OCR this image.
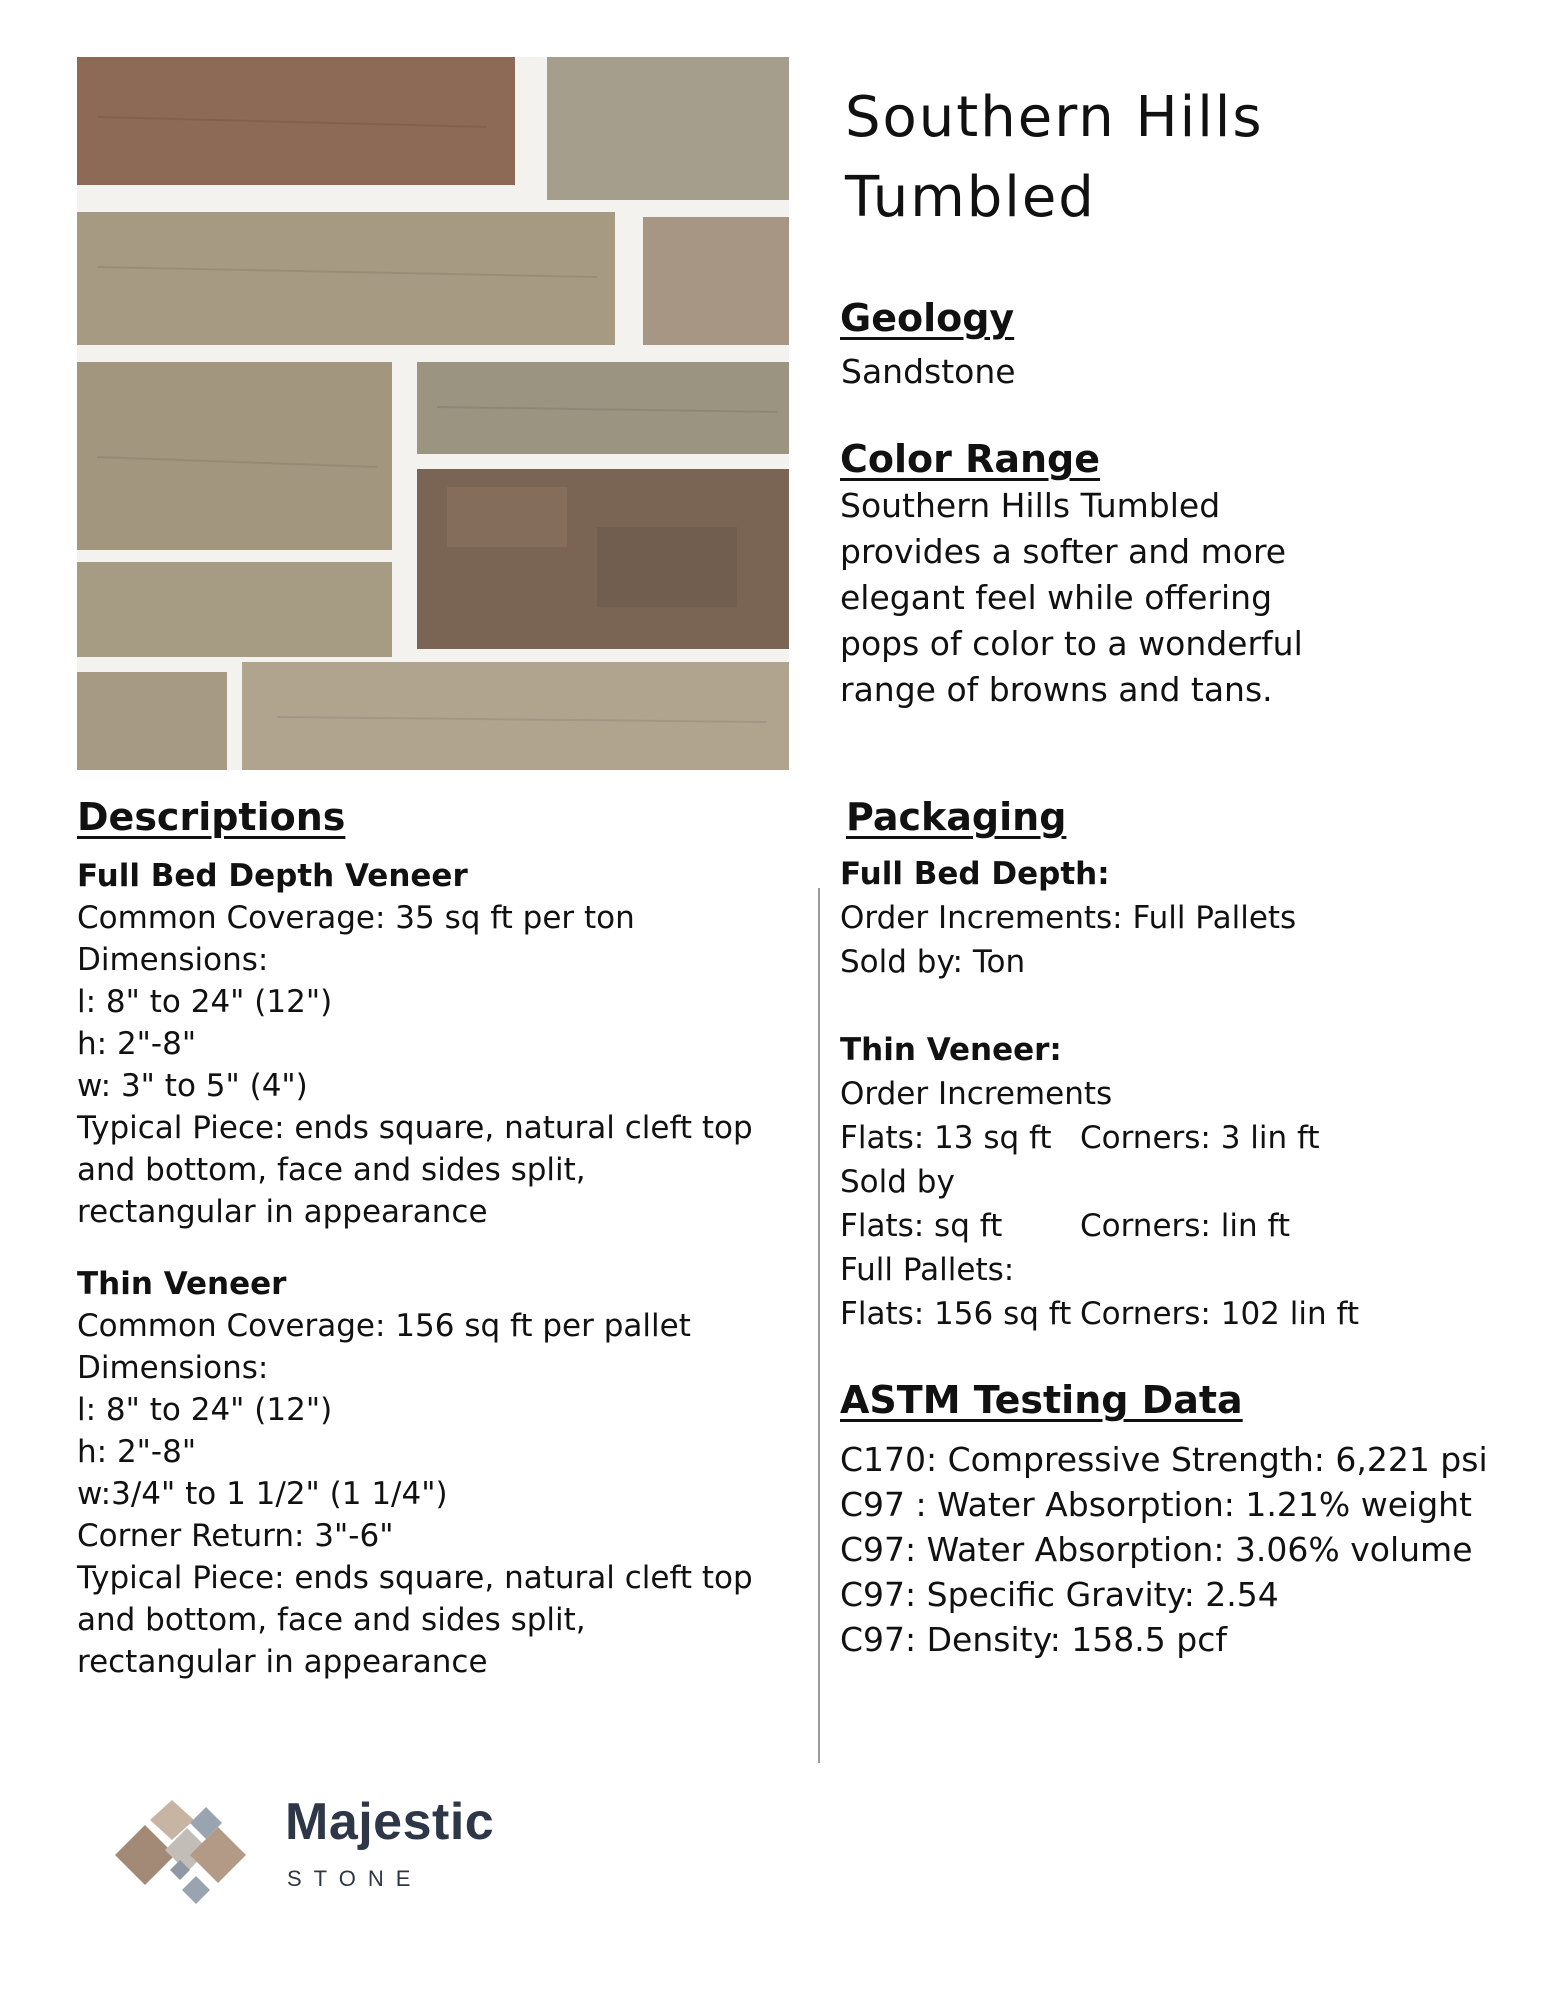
Southern Hills
Tumbled
Geology
Sandstone
Color Range
Southern Hills Tumbled
provides a softer and more
elegant feel while offering
pops of color to a wonderful
range of browns and tans.
Descriptions
Full Bed Depth Veneer
Common Coverage: 35 sq ft per ton
Dimensions:
l: 8" to 24" (12")
h: 2"-8"
w: 3" to 5" (4")
Typical Piece: ends square, natural cleft top
and bottom, face and sides split,
rectangular in appearance
Thin Veneer
Common Coverage: 156 sq ft per pallet
Dimensions:
l: 8" to 24" (12")
h: 2"-8"
w:3/4" to 1 1/2" (1 1/4")
Corner Return: 3"-6"
Typical Piece: ends square, natural cleft top
and bottom, face and sides split,
rectangular in appearance
Packaging
Full Bed Depth:
Order Increments: Full Pallets
Sold by: Ton
Thin Veneer:
Order Increments
Flats: 13 sq ft Corners: 3 lin ft
Sold by
Flats: sq ft	Corners: lin ft
Full Pallets:
Flats: 156 sq ft Corners: 102 lin ft
ASTM Testing Data
C170: Compressive Strength: 6,221 psi
C97 : Water Absorption: 1.21% weight
C97: Water Absorption: 3.06% volume
C97: Specific Gravity: 2.54
C97: Density: 158.5 pcf
Majestic
STONE
